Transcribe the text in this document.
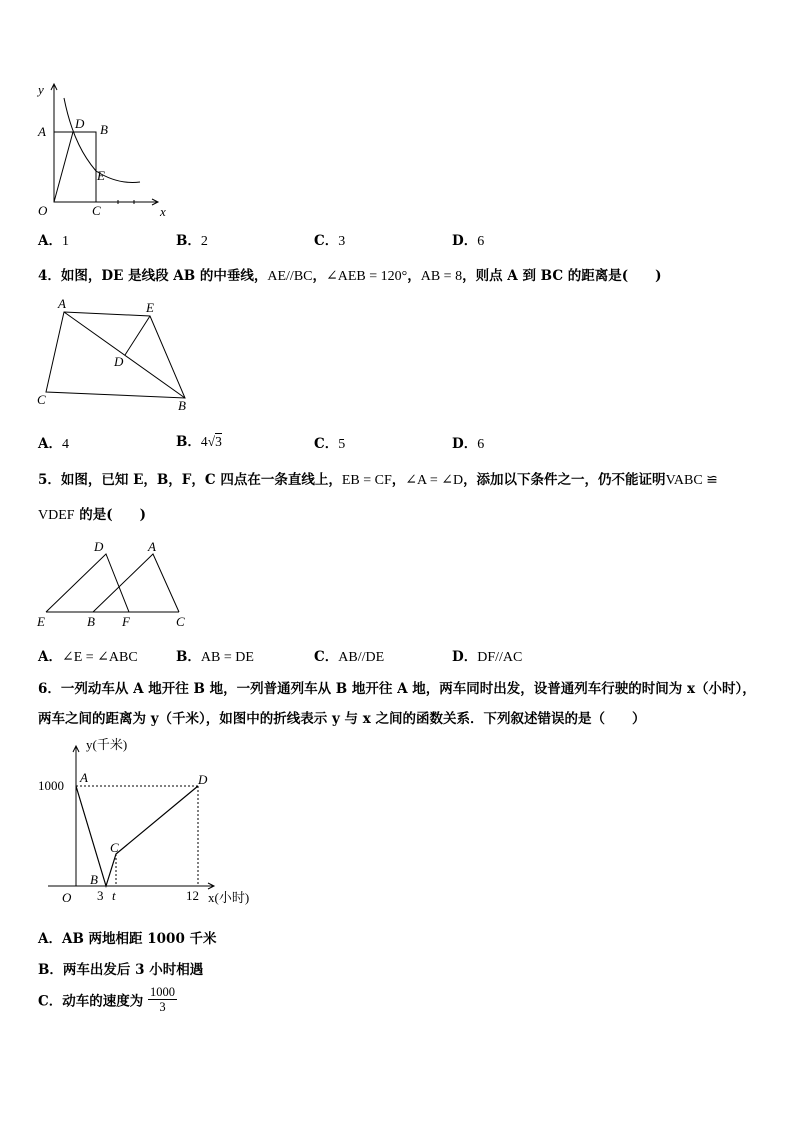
y
x
A	B
C
D
E
O
A．1	B．2	C．3	D．6
4．如图，DE 是线段 AB 的中垂线，AE//BC，∠AEB = 120°，AB = 8，则点 A 到 BC 的距离是(　　)
A	E
D
C	B
A．4	B．4√3	C．5	D．6
5．如图，已知 E，B，F，C 四点在一条直线上，EB = CF，∠A = ∠D，添加以下条件之一，仍不能证明VABC ≌
VDEF 的是(　　)
D	A
E	B F	C
A．∠E = ∠ABC	B．AB = DE	C．AB//DE	D．DF//AC
6．一列动车从 A 地开往 B 地，一列普通列车从 B 地开往 A 地，两车同时出发，设普通列车行驶的时间为 x（小时），
两车之间的距离为 y（千米），如图中的折线表示 y 与 x 之间的函数关系．下列叙述错误的是（　　）
1000
y(千米)
x(小时)
O 3 t	12
A
B
C
D
A．AB 两地相距 1000 千米
B．两车出发后 3 小时相遇
C．动车的速度为 $\frac{1000}{3}$
